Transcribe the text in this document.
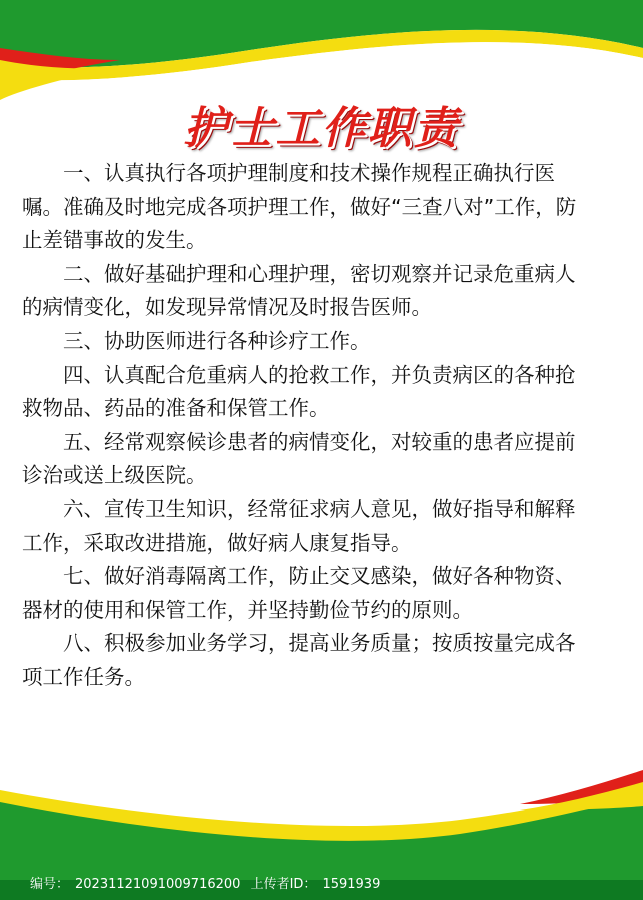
护士工作职责

一、认真执行各项护理制度和技术操作规程正确执行医嘱。准确及时地完成各项护理工作，做好“三查八对”工作，防止差错事故的发生。

二、做好基础护理和心理护理，密切观察并记录危重病人的病情变化，如发现异常情况及时报告医师。

三、协助医师进行各种诊疗工作。

四、认真配合危重病人的抢救工作，并负责病区的各种抢救物品、药品的准备和保管工作。

五、经常观察候诊患者的病情变化，对较重的患者应提前诊治或送上级医院。

六、宣传卫生知识，经常征求病人意见，做好指导和解释工作，采取改进措施，做好病人康复指导。

七、做好消毒隔离工作，防止交叉感染，做好各种物资、器材的使用和保管工作，并坚持勤俭节约的原则。

八、积极参加业务学习，提高业务质量；按质按量完成各项工作任务。

编号： 20231121091009716200 上传者ID： 1591939
